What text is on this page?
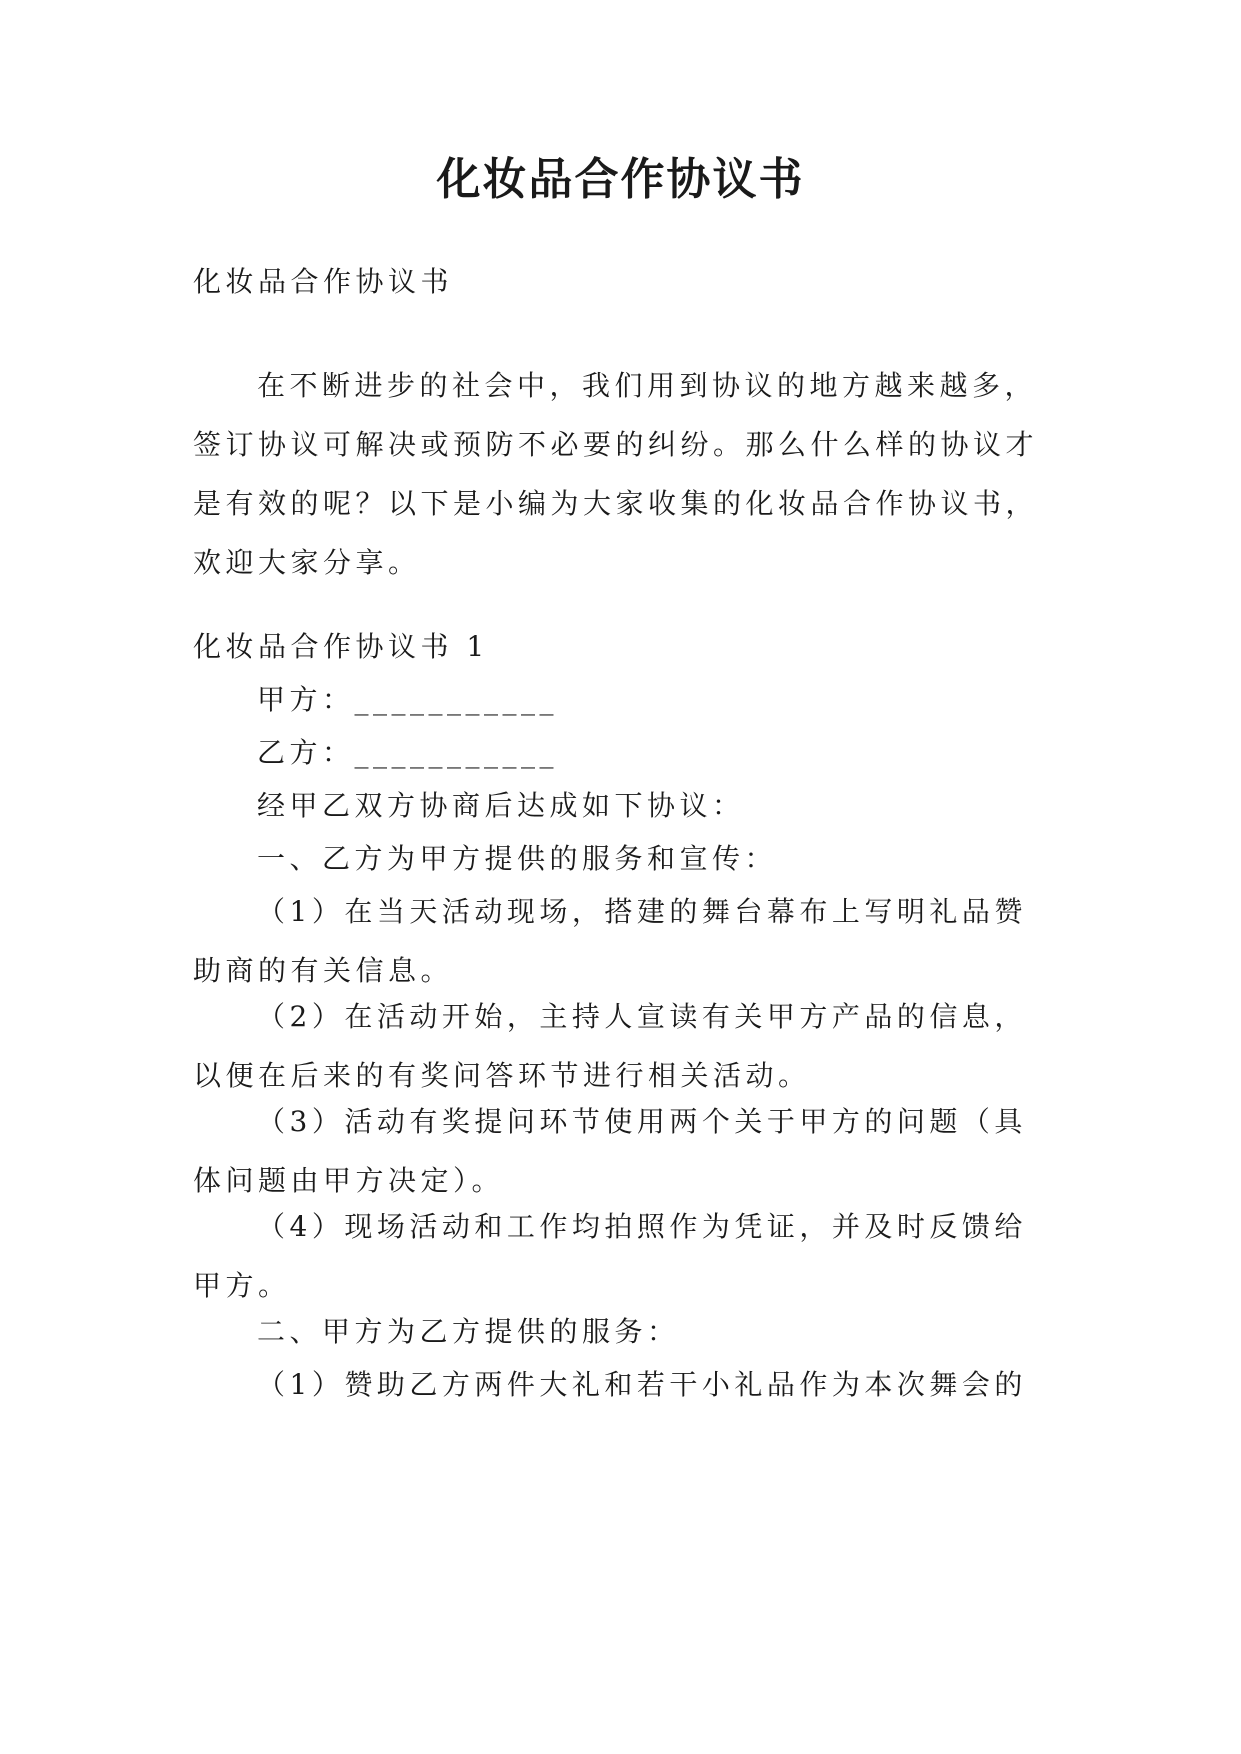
化妆品合作协议书

化妆品合作协议书

在不断进步的社会中，我们用到协议的地方越来越多，
签订协议可解决或预防不必要的纠纷。那么什么样的协议才
是有效的呢？以下是小编为大家收集的化妆品合作协议书，
欢迎大家分享。

化妆品合作协议书 1

甲方：___________

乙方：___________

经甲乙双方协商后达成如下协议：

一、乙方为甲方提供的服务和宣传：

（1）在当天活动现场，搭建的舞台幕布上写明礼品赞
助商的有关信息。
（2）在活动开始，主持人宣读有关甲方产品的信息，
以便在后来的有奖问答环节进行相关活动。
（3）活动有奖提问环节使用两个关于甲方的问题（具
体问题由甲方决定）。
（4）现场活动和工作均拍照作为凭证，并及时反馈给
甲方。

二、甲方为乙方提供的服务：

（1）赞助乙方两件大礼和若干小礼品作为本次舞会的
